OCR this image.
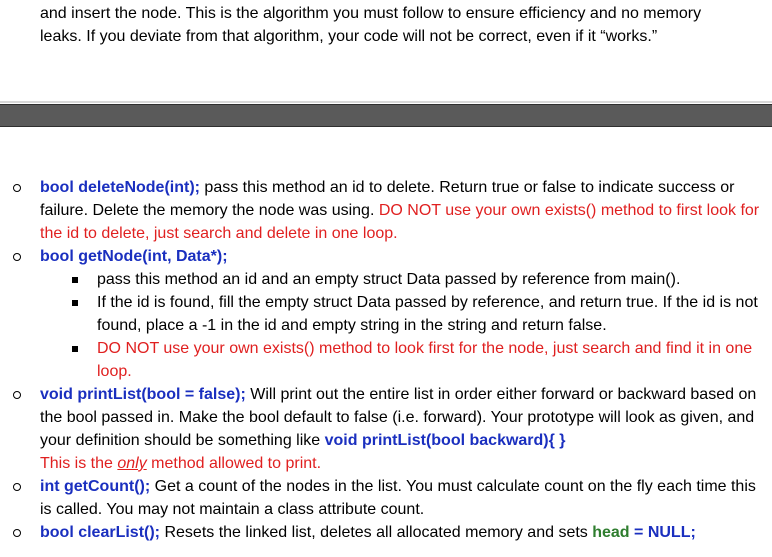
and insert the node. This is the algorithm you must follow to ensure efficiency and no memory
leaks. If you deviate from that algorithm, your code will not be correct, even if it “works.”

bool deleteNode(int); pass this method an id to delete. Return true or false to indicate success or failure. Delete the memory the node was using. DO NOT use your own exists() method to first look for the id to delete, just search and delete in one loop.
bool getNode(int, Data*);
pass this method an id and an empty struct Data passed by reference from main().
If the id is found, fill the empty struct Data passed by reference, and return true. If the id is not found, place a -1 in the id and empty string in the string and return false.
DO NOT use your own exists() method to look first for the node, just search and find it in one loop.
void printList(bool = false); Will print out the entire list in order either forward or backward based on the bool passed in. Make the bool default to false (i.e. forward). Your prototype will look as given, and your definition should be something like void printList(bool backward){ }
This is the only method allowed to print.
int getCount(); Get a count of the nodes in the list. You must calculate count on the fly each time this is called. You may not maintain a class attribute count.
bool clearList(); Resets the linked list, deletes all allocated memory and sets head = NULL;
